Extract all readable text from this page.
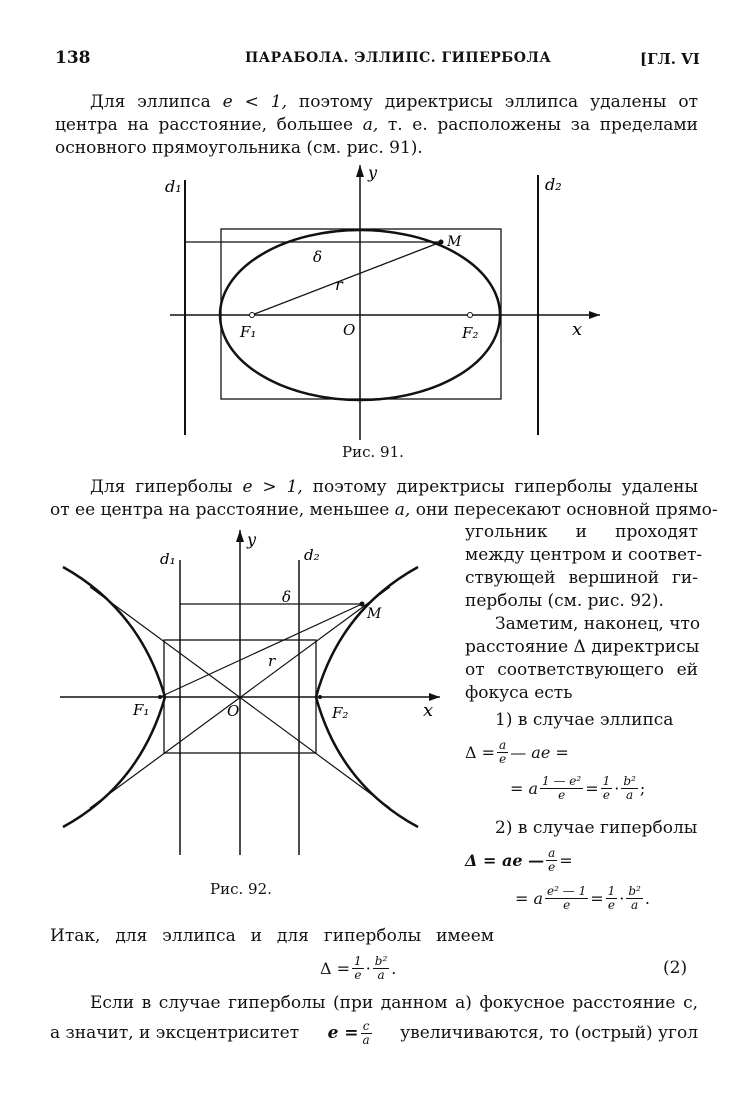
138	ПАРАБОЛА. ЭЛЛИПС. ГИПЕРБОЛА	[ГЛ. VI
Для эллипса e < 1, поэтому директрисы эллипса удалены от
центра на расстояние, большее a, т. е. расположены за пределами
основного прямоугольника (см. рис. 91).
d₁	d₂
y
x
M
δ
r
F₁	O	F₂
Рис. 91.
Для гиперболы e > 1, поэтому директрисы гиперболы удалены
от ее центра на расстояние, меньшее a, они пересекают основной прямо-
угольник и проходят
между центром и соответ-
ствующей вершиной ги-
перболы (см. рис. 92).
Заметим, наконец, что
расстояние Δ директрисы
от соответствующего ей
фокуса есть
d₁	d₂
y
x
M
δ
r
F₁	O	F₂
Рис. 92.
1) в случае эллипса
$\Delta = \frac{a}{e}$ — ae =
= a $\frac{\text{1 — e²}}{e} = \frac{1}{e} \cdot \frac{\text{b²}}{a}$ ;
2) в случае гиперболы
Δ = ae — $\frac{a}{e}$ =
= a $\frac{\text{e² — 1}}{e} = \frac{1}{e} \cdot \frac{\text{b²}}{a}$ .
Итак, для эллипса и для гиперболы имеем
$\Delta = \frac{1}{e} \cdot \frac{\text{b²}}{a}$ .	(2)
Если в случае гиперболы (при данном a) фокусное расстояние c,
а значит, и эксцентриситет $e = \frac{c}{a}$ увеличиваются, то (острый) угол
